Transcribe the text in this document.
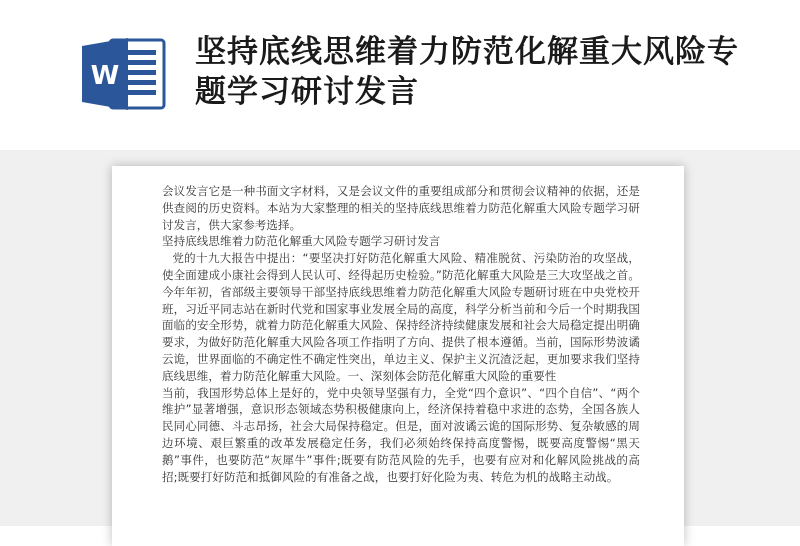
W
坚持底线思维着力防范化解重大风险专题学习研讨发言

会议发言它是一种书面文字材料，又是会议文件的重要组成部分和贯彻会议精神的依据，还是供查阅的历史资料。本站为大家整理的相关的坚持底线思维着力防范化解重大风险专题学习研讨发言，供大家参考选择。

坚持底线思维着力防范化解重大风险专题学习研讨发言

党的十九大报告中提出：“要坚决打好防范化解重大风险、精准脱贫、污染防治的攻坚战，使全面建成小康社会得到人民认可、经得起历史检验。”防范化解重大风险是三大攻坚战之首。今年年初，省部级主要领导干部坚持底线思维着力防范化解重大风险专题研讨班在中央党校开班，习近平同志站在新时代党和国家事业发展全局的高度，科学分析当前和今后一个时期我国面临的安全形势，就着力防范化解重大风险、保持经济持续健康发展和社会大局稳定提出明确要求，为做好防范化解重大风险各项工作指明了方向、提供了根本遵循。当前，国际形势波谲云诡，世界面临的不确定性不确定性突出，单边主义、保护主义沉渣泛起，更加要求我们坚持底线思维，着力防范化解重大风险。一、深刻体会防范化解重大风险的重要性

当前，我国形势总体上是好的，党中央领导坚强有力，全党“四个意识”、“四个自信”、“两个维护”显著增强，意识形态领域态势积极健康向上，经济保持着稳中求进的态势，全国各族人民同心同德、斗志昂扬，社会大局保持稳定。但是，面对波谲云诡的国际形势、复杂敏感的周边环境、艰巨繁重的改革发展稳定任务，我们必须始终保持高度警惕，既要高度警惕“黑天鹅”事件，也要防范“灰犀牛”事件;既要有防范风险的先手，也要有应对和化解风险挑战的高招;既要打好防范和抵御风险的有准备之战，也要打好化险为夷、转危为机的战略主动战。
